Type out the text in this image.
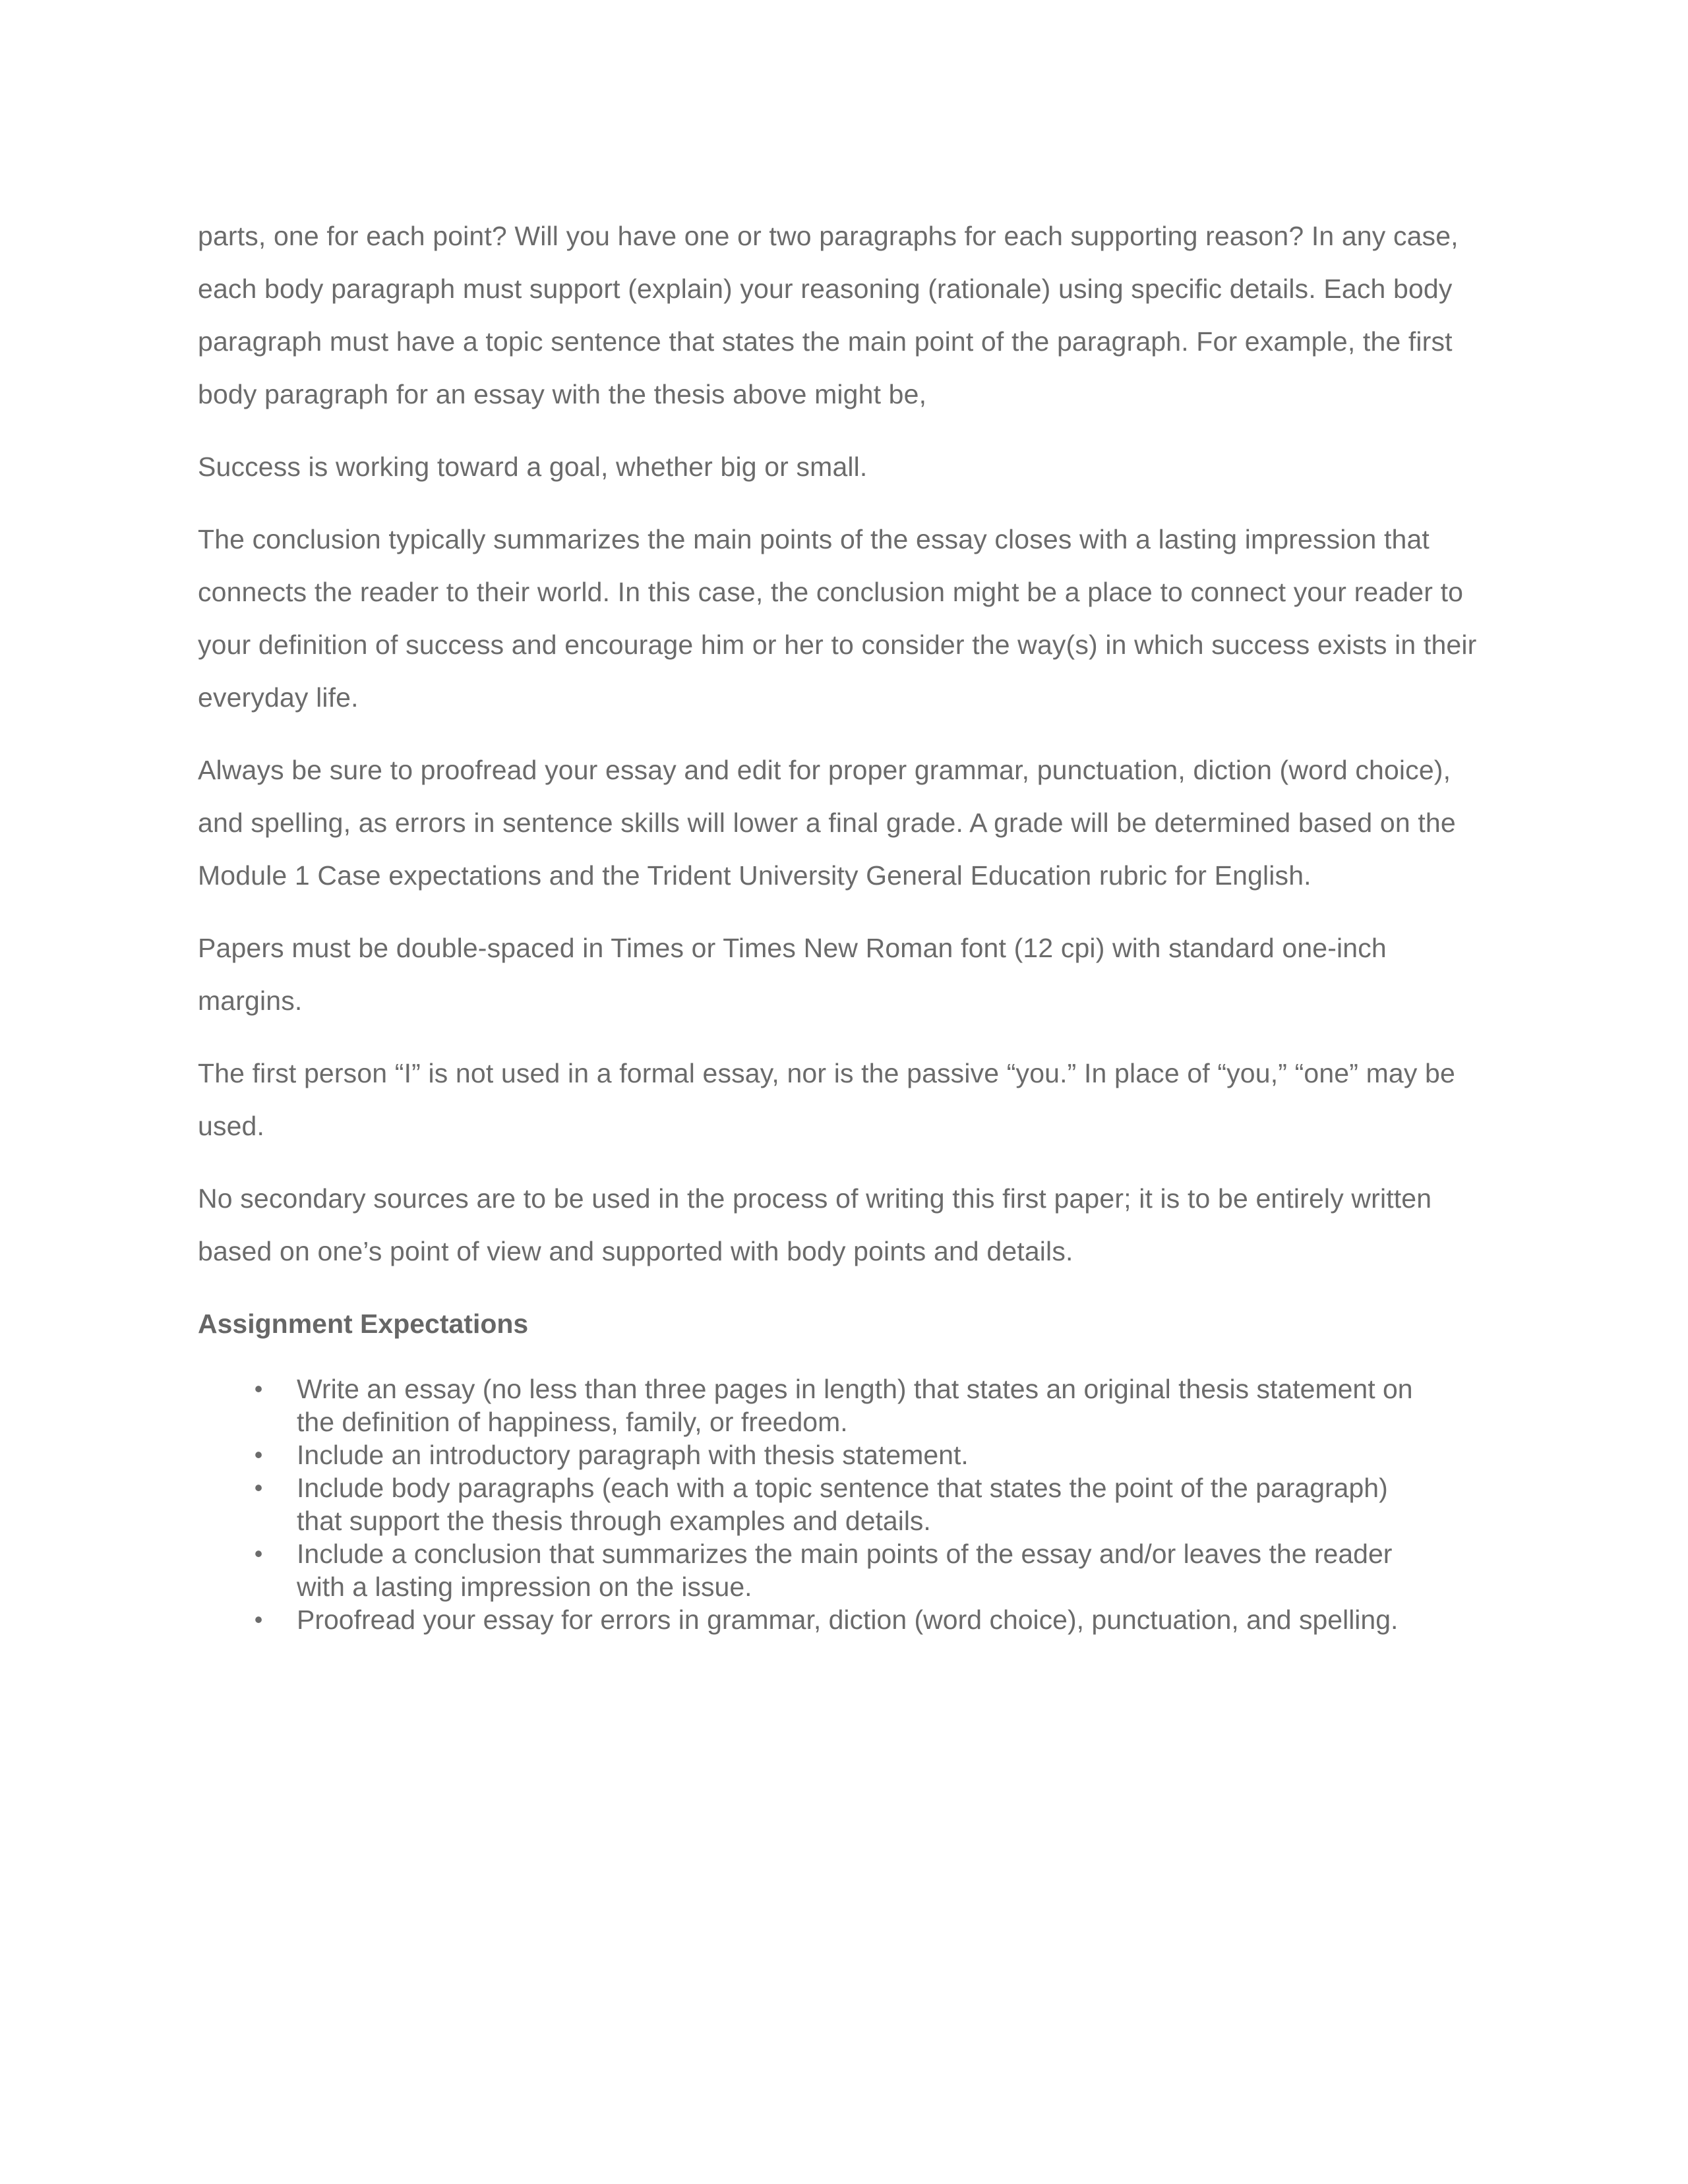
parts, one for each point? Will you have one or two paragraphs for each supporting reason? In any case, each body paragraph must support (explain) your reasoning (rationale) using specific details. Each body paragraph must have a topic sentence that states the main point of the paragraph. For example, the first body paragraph for an essay with the thesis above might be,

Success is working toward a goal, whether big or small.

The conclusion typically summarizes the main points of the essay closes with a lasting impression that connects the reader to their world. In this case, the conclusion might be a place to connect your reader to your definition of success and encourage him or her to consider the way(s) in which success exists in their everyday life.

Always be sure to proofread your essay and edit for proper grammar, punctuation, diction (word choice), and spelling, as errors in sentence skills will lower a final grade. A grade will be determined based on the Module 1 Case expectations and the Trident University General Education rubric for English.

Papers must be double-spaced in Times or Times New Roman font (12 cpi) with standard one-inch margins.

The first person “I” is not used in a formal essay, nor is the passive “you.” In place of “you,” “one” may be used.

No secondary sources are to be used in the process of writing this first paper; it is to be entirely written based on one’s point of view and supported with body points and details.

Assignment Expectations
•	Write an essay (no less than three pages in length) that states an original thesis statement on the definition of happiness, family, or freedom.
•	Include an introductory paragraph with thesis statement.
•	Include body paragraphs (each with a topic sentence that states the point of the paragraph) that support the thesis through examples and details.
•	Include a conclusion that summarizes the main points of the essay and/or leaves the reader with a lasting impression on the issue.
•	Proofread your essay for errors in grammar, diction (word choice), punctuation, and spelling.
